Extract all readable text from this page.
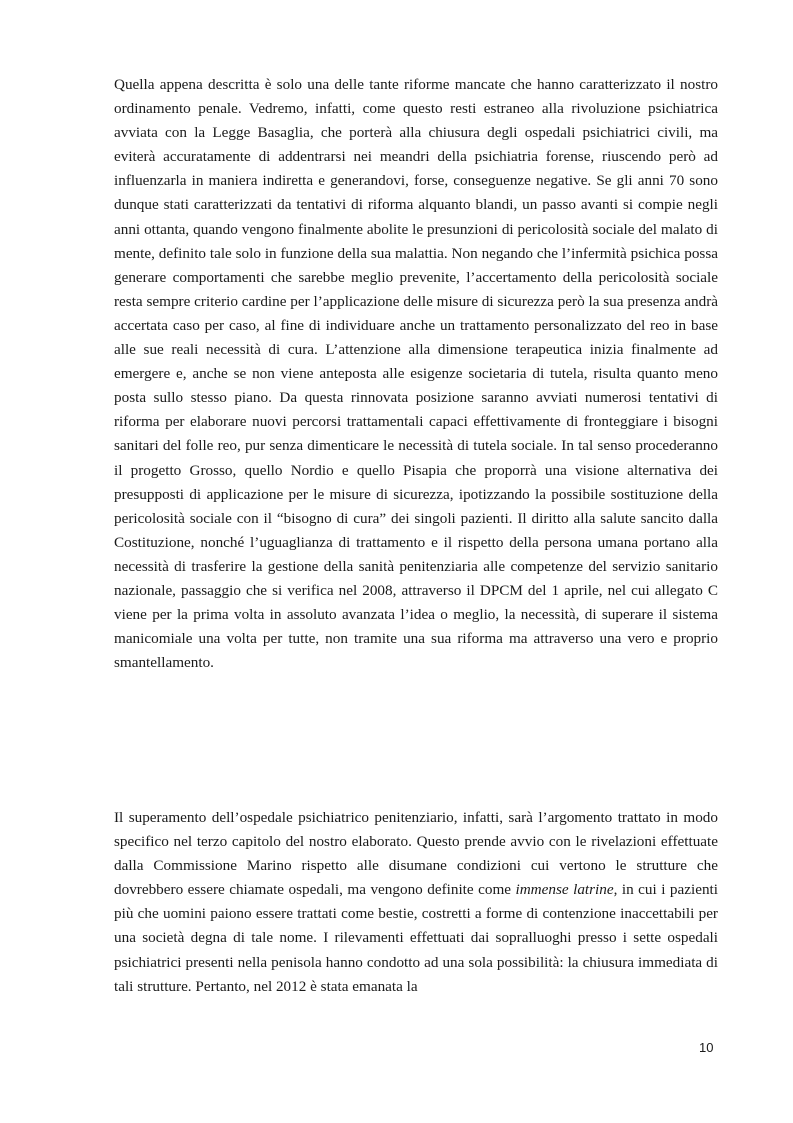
Quella appena descritta è solo una delle tante riforme mancate che hanno caratterizzato il nostro ordinamento penale. Vedremo, infatti, come questo resti estraneo alla rivoluzione psichiatrica avviata con la Legge Basaglia, che porterà alla chiusura degli ospedali psichiatrici civili, ma eviterà accuratamente di addentrarsi nei meandri della psichiatria forense, riuscendo però ad influenzarla in maniera indiretta e generandovi, forse, conseguenze negative. Se gli anni 70 sono dunque stati caratterizzati da tentativi di riforma alquanto blandi, un passo avanti si compie negli anni ottanta, quando vengono finalmente abolite le presunzioni di pericolosità sociale del malato di mente, definito tale solo in funzione della sua malattia. Non negando che l’infermità psichica possa generare comportamenti che sarebbe meglio prevenite, l’accertamento della pericolosità sociale resta sempre criterio cardine per l’applicazione delle misure di sicurezza però la sua presenza andrà accertata caso per caso, al fine di individuare anche un trattamento personalizzato del reo in base alle sue reali necessità di cura. L’attenzione alla dimensione terapeutica inizia finalmente ad emergere e, anche se non viene anteposta alle esigenze societaria di tutela, risulta quanto meno posta sullo stesso piano. Da questa rinnovata posizione saranno avviati numerosi tentativi di riforma per elaborare nuovi percorsi trattamentali capaci effettivamente di fronteggiare i bisogni sanitari del folle reo, pur senza dimenticare le necessità di tutela sociale. In tal senso procederanno il progetto Grosso, quello Nordio e quello Pisapia che proporrà una visione alternativa dei presupposti di applicazione per le misure di sicurezza, ipotizzando la possibile sostituzione della pericolosità sociale con il “bisogno di cura” dei singoli pazienti. Il diritto alla salute sancito dalla Costituzione, nonché l’uguaglianza di trattamento e il rispetto della persona umana portano alla necessità di trasferire la gestione della sanità penitenziaria alle competenze del servizio sanitario nazionale, passaggio che si verifica nel 2008, attraverso il DPCM del 1 aprile, nel cui allegato C viene per la prima volta in assoluto avanzata l’idea o meglio, la necessità, di superare il sistema manicomiale una volta per tutte, non tramite una sua riforma ma attraverso una vero e proprio smantellamento.

Il superamento dell’ospedale psichiatrico penitenziario, infatti, sarà l’argomento trattato in modo specifico nel terzo capitolo del nostro elaborato. Questo prende avvio con le rivelazioni effettuate dalla Commissione Marino rispetto alle disumane condizioni cui vertono le strutture che dovrebbero essere chiamate ospedali, ma vengono definite come immense latrine, in cui i pazienti più che uomini paiono essere trattati come bestie, costretti a forme di contenzione inaccettabili per una società degna di tale nome. I rilevamenti effettuati dai sopralluoghi presso i sette ospedali psichiatrici presenti nella penisola hanno condotto ad una sola possibilità: la chiusura immediata di tali strutture. Pertanto, nel 2012 è stata emanata la

10
